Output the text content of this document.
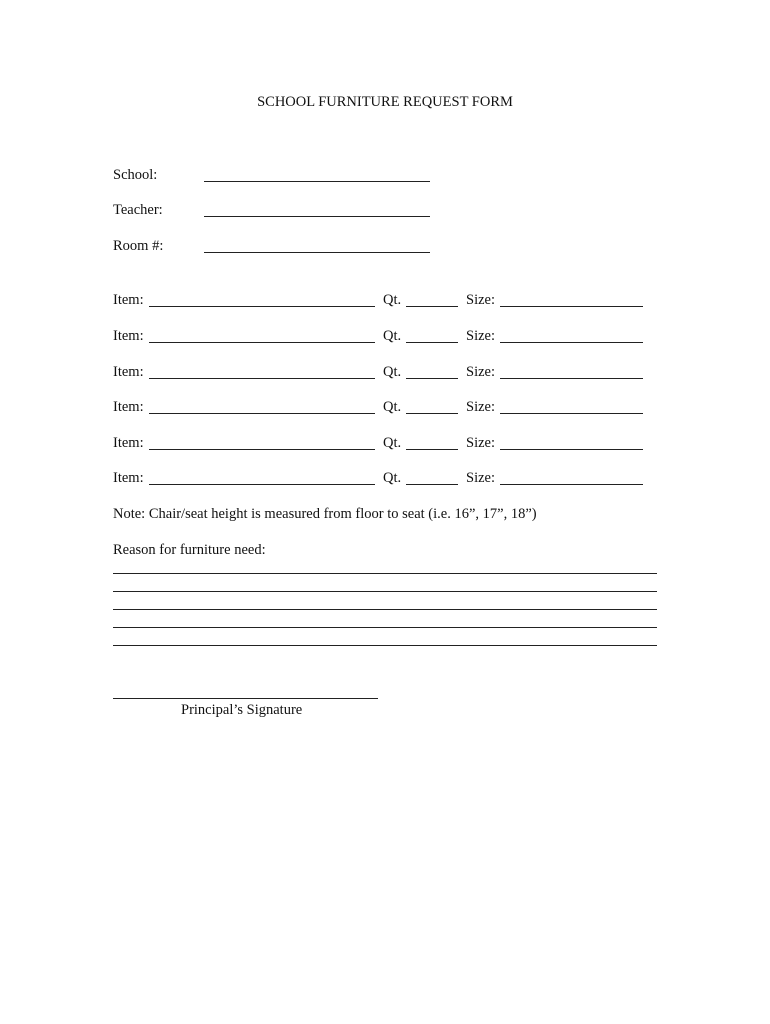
SCHOOL FURNITURE REQUEST FORM
School:
Teacher:
Room #:
Item:	Qt.	Size:
Item:	Qt.	Size:
Item:	Qt.	Size:
Item:	Qt.	Size:
Item:	Qt.	Size:
Item:	Qt.	Size:
Note: Chair/seat height is measured from floor to seat (i.e. 16”, 17”, 18”)
Reason for furniture need:
Principal’s Signature
